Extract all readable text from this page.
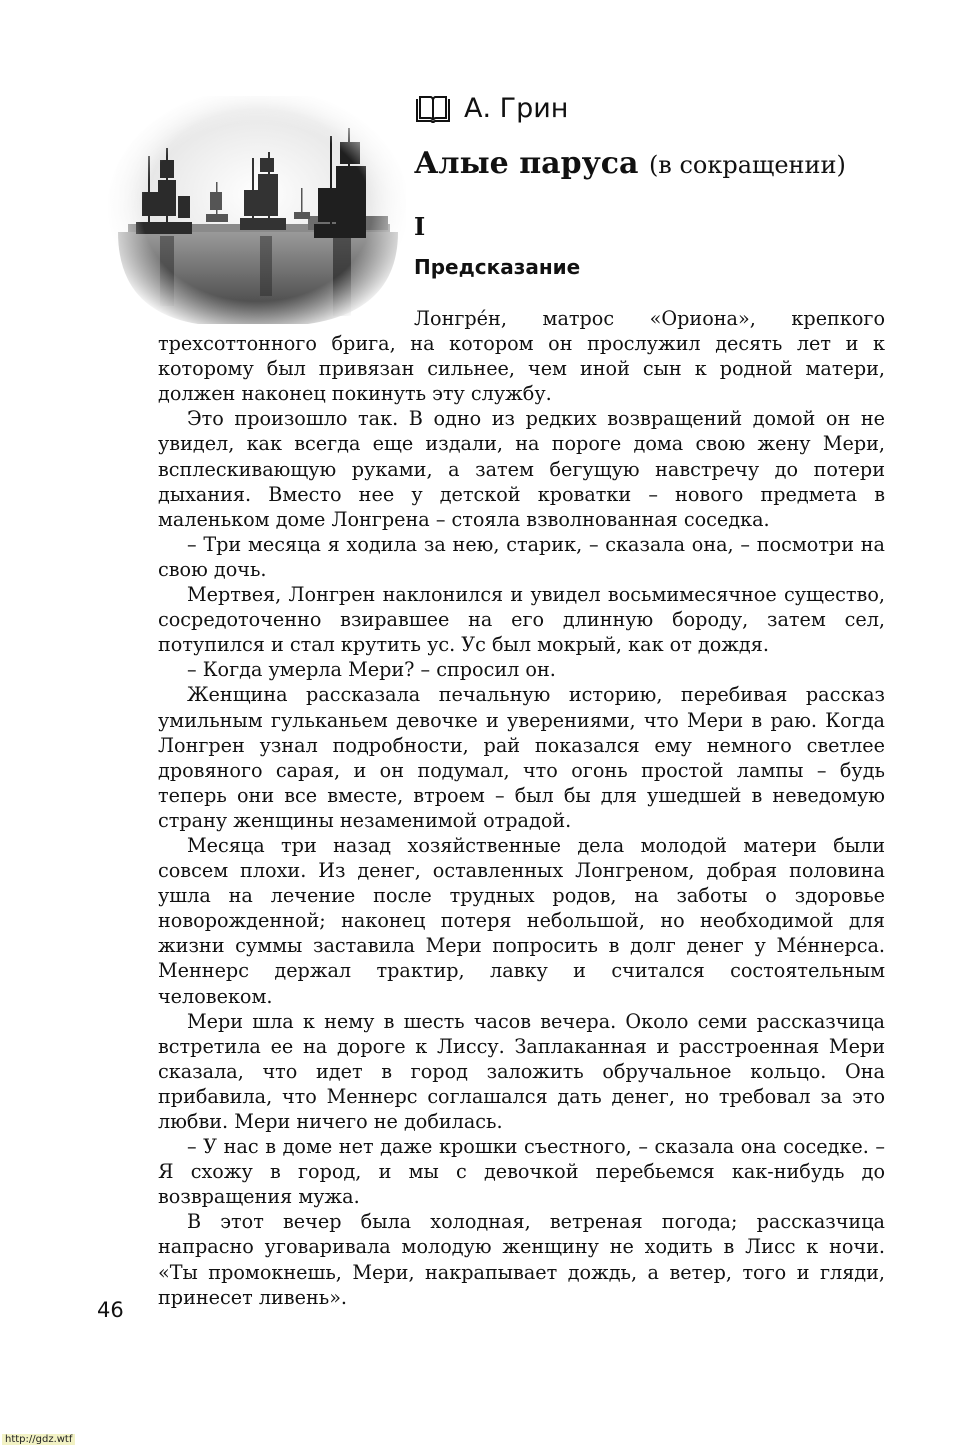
А. Грин
Алые паруса (в сокращении)
I
Предсказание

Лонгре́н, матрос «Ориона», крепкого трехсоттонного брига, на котором он прослужил десять лет и к которому был привязан сильнее, чем иной сын к родной матери, должен наконец покинуть эту службу.

Это произошло так. В одно из редких возвращений домой он не увидел, как всегда еще издали, на пороге дома свою жену Мери, всплескивающую руками, а затем бегущую навстречу до потери дыхания. Вместо нее у детской кроватки – нового предмета в маленьком доме Лонгрена – стояла взволнованная соседка.

– Три месяца я ходила за нею, старик, – сказала она, – посмотри на свою дочь.

Мертвея, Лонгрен наклонился и увидел восьмимесячное существо, сосредоточенно взиравшее на его длинную бороду, затем сел, потупился и стал крутить ус. Ус был мокрый, как от дождя.

– Когда умерла Мери? – спросил он.

Женщина рассказала печальную историю, перебивая рассказ умильным гульканьем девочке и уверениями, что Мери в раю. Когда Лонгрен узнал подробности, рай показался ему немного светлее дровяного сарая, и он подумал, что огонь простой лампы – будь теперь они все вместе, втроем – был бы для ушедшей в неведомую страну женщины незаменимой отрадой.

Месяца три назад хозяйственные дела молодой матери были совсем плохи. Из денег, оставленных Лонгреном, добрая половина ушла на лечение после трудных родов, на заботы о здоровье новорожденной; наконец потеря небольшой, но необходимой для жизни суммы заставила Мери попросить в долг денег у Ме́ннерса. Меннерс держал трактир, лавку и считался состоятельным человеком.

Мери шла к нему в шесть часов вечера. Около семи рассказчица встретила ее на дороге к Лиссу. Заплаканная и расстроенная Мери сказала, что идет в город заложить обручальное кольцо. Она прибавила, что Меннерс соглашался дать денег, но требовал за это любви. Мери ничего не добилась.

– У нас в доме нет даже крошки съестного, – сказала она соседке. – Я схожу в город, и мы с девочкой перебьемся как-нибудь до возвращения мужа.

В этот вечер была холодная, ветреная погода; рассказчица напрасно уговаривала молодую женщину не ходить в Лисс к ночи. «Ты промокнешь, Мери, накрапывает дождь, а ветер, того и гляди, принесет ливень».

46
http://gdz.wtf
